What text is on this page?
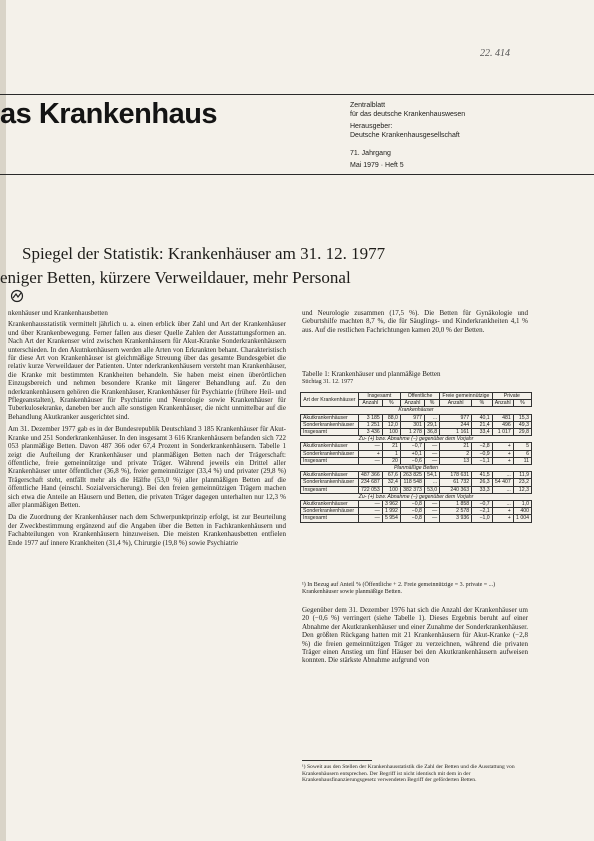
22. 414
as Krankenhaus	Zentralblatt
für das deutsche Krankenhauswesen
Herausgeber:
Deutsche Krankenhausgesellschaft
71. Jahrgang
Mai 1979 · Heft 5
Spiegel der Statistik: Krankenhäuser am 31. 12. 1977
eniger Betten, kürzere Verweildauer, mehr Personal
nkenhäuser und Krankenhausbetten

Krankenhausstatistik vermittelt jährlich u. a. einen erblick über Zahl und Art der Krankenhäuser und über Krankenbewegung. Ferner fallen aus dieser Quelle Zahlen der Ausstattungsformen an. Nach Art der Krankenser wird zwischen Krankenhäusern für Akut-Kranke Sonderkrankenhäusern unterschieden. In den Akutnkenhäusern werden alle Arten von Erkrankten behant. Charakteristisch für diese Art von Krankenhäuser ist gleichmäßige Streuung über das gesamte Bundesgebiet die relativ kurze Verweildauer der Patienten. Unter nderkrankenhäusern versteht man Krankenhäuser, die Kranke mit bestimmten Krankheiten behandeln. Sie haben meist einen überörtlichen Einzugsbereich und nehmen besondere Kranke mit längerer Behandlung auf. Zu den nderkrankenhäusern gehören die Krankenhäuser, Krankenhäuser für Psychiatrie (frühere Heil- und Pflegeanstalten), Krankenhäuser für Psychiatrie und Neurologie sowie Krankenhäuser für Tuberkulosekranke, daneben ber auch alle sonstigen Krankenhäuser, die nicht unmittelbar auf die Behandlung Akutkranker ausgerichtet sind.

Am 31. Dezember 1977 gab es in der Bundesrepublik Deutschland 3 185 Krankenhäuser für Akut-Kranke und 251 Sonderkrankenhäuser. In den insgesamt 3 616 Krankenhäusern befanden sich 722 053 planmäßige Betten. Davon 487 366 oder 67,4 Prozent in Sonderkrankenhäusern. Tabelle 1 zeigt die Aufteilung der Krankenhäuser und planmäßigen Betten nach der Trägerschaft: öffentliche, freie gemeinnützige und private Träger. Während jeweils ein Drittel aller Krankenhäuser unter öffentlicher (36,8 %), freier gemeinnütziger (33,4 %) und privater (29,8 %) Trägerschaft steht, entfällt mehr als die Hälfte (53,0 %) aller planmäßigen Betten auf die öffentliche Hand (einschl. Sozialversicherung). Bei den freien gemeinnützigen Trägern machen sich etwa die Anteile an Häusern und Betten, die privaten Träger dagegen unterhalten nur 12,3 % aller planmäßigen Betten.

Da die Zuordnung der Krankenhäuser nach dem Schwerpunktprinzip erfolgt, ist zur Beurteilung der Zweckbestimmung ergänzend auf die Angaben über die Betten in Fachkrankenhäusern und Fachabteilungen von Krankenhäusern hinzuweisen. Die meisten Krankenhausbetten entfielen Ende 1977 auf innere Krankheiten (31,4 %), Chirurgie (19,8 %) sowie Psychiatrie

und Neurologie zusammen (17,5 %). Die Betten für Gynäkologie und Geburtshilfe machten 8,7 %, die für Säuglings- und Kinderkrankheiten 4,1 % aus. Auf die restlichen Fachrichtungen kamen 20,0 % der Betten.

Tabelle 1: Krankenhäuser und planmäßige Betten
Stichtag 31. 12. 1977
Art der Krankenhäuser	Insgesamt		Öffentliche		Freie gemeinnützige		Private	
	Anzahl	%	Anzahl	%	Anzahl	%	Anzahl	%
Krankenhäuser								
Akutkrankenhäuser	3 185	88,0	977	...	977	40,1	481	15,3
Sonderkrankenhäuser	1 251	12,0	301	29,1	244	21,4	496	49,3
Insgesamt	3 436	100	1 278	36,8	1 161	33,4	1 017	29,8
Zu- (+) bzw. Abnahme (−) gegenüber dem Vorjahr								
Akutkrankenhäuser	—	21	−0,7	—	21	−2,8	+	5
Sonderkrankenhäuser	+	1	+0,1	—	2	−0,9	+	6
Insgesamt	—	20	−0,6	—	13	−1,1	+	11
Planmäßige Betten								
Akutkrankenhäuser	487 366	67,6	263 825	54,1	178 631	41,5	...	11,9
Sonderkrankenhäuser	234 687	32,4	118 548	...	61 732	26,3	54 407	23,2
Insgesamt	722 053	100	382 373	53,0	240 363	33,3	...	12,3
Zu- (+) bzw. Abnahme (−) gegenüber dem Vorjahr								
Akutkrankenhäuser	—	3 962	−0,8	—	1 858	−0,7	...	1,0
Sonderkrankenhäuser	—	1 992	−0,8	—	2 578	−2,1	+	400
Insgesamt	—	5 954	−0,8	—	3 936	−1,0	+	1 004
¹) In Bezug auf Anteil % (Öffentliche + 2. Freie gemeinnützige = 3. private = ...) Krankenhäuser sowie planmäßige Betten.

Gegenüber dem 31. Dezember 1976 hat sich die Anzahl der Krankenhäuser um 20 (−0,6 %) verringert (siehe Tabelle 1). Dieses Ergebnis beruht auf einer Abnahme der Akutkrankenhäuser und einer Zunahme der Sonderkrankenhäuser. Den größten Rückgang hatten mit 21 Krankenhäusern für Akut-Kranke (−2,8 %) die freien gemeinnützigen Träger zu verzeichnen, während die privaten Träger einen Anstieg um fünf Häuser bei den Akutkrankenhäusern aufweisen konnten. Die stärkste Abnahme aufgrund von

¹) Soweit aus den Stellen der Krankenhausstatistik die Zahl der Betten und die Ausstattung von Krankenhäusern entsprechen. Der Begriff ist nicht identisch mit dem in der Krankenhausfinanzierungsgesetz verwendeten Begriff der geförderten Betten.
